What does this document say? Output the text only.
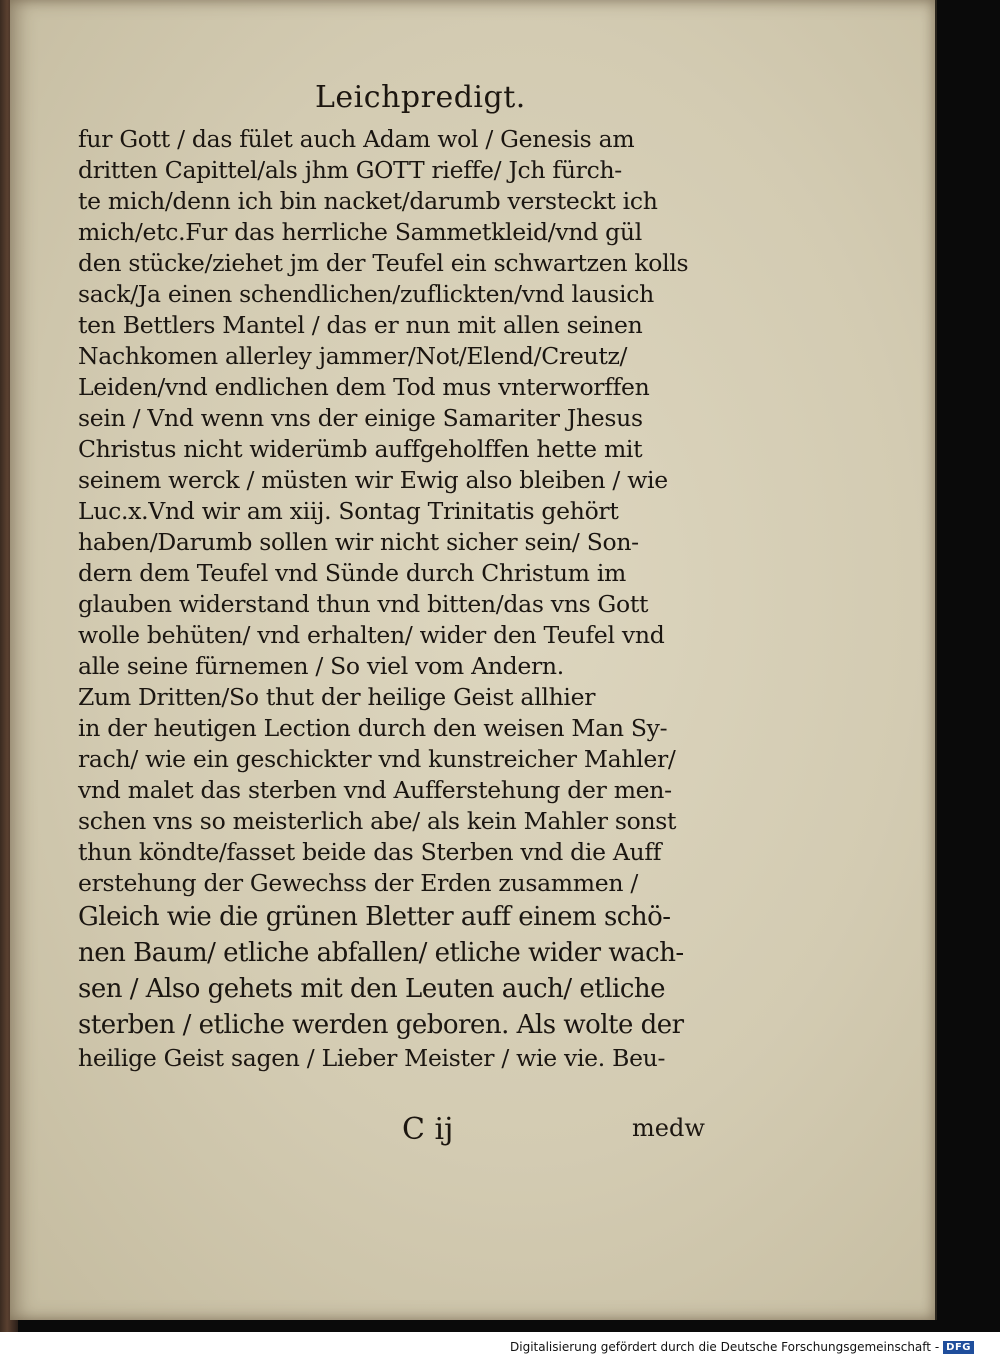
Leichpredigt.
fur Gott / das fület auch Adam wol / Genesis am
dritten Capittel/als jhm GOTT rieffe/ Jch fürch-
te mich/denn ich bin nacket/darumb versteckt ich
mich/etc.Fur das herrliche Sammetkleid/vnd gül
den stücke/ziehet jm der Teufel ein schwartzen kolls
sack/Ja einen schendlichen/zuflickten/vnd lausich
ten Bettlers Mantel / das er nun mit allen seinen
Nachkomen allerley jammer/Not/Elend/Creutz/
Leiden/vnd endlichen dem Tod mus vnterworffen
sein / Vnd wenn vns der einige Samariter Jhesus
Christus nicht widerümb auffgeholffen hette mit
seinem werck / müsten wir Ewig also bleiben / wie
Luc.x.Vnd wir am xiij. Sontag Trinitatis gehört
haben/Darumb sollen wir nicht sicher sein/ Son-
dern dem Teufel vnd Sünde durch Christum im
glauben widerstand thun vnd bitten/das vns Gott
wolle behüten/ vnd erhalten/ wider den Teufel vnd
alle seine fürnemen / So viel vom Andern.
Zum Dritten/So thut der heilige Geist allhier
in der heutigen Lection durch den weisen Man Sy-
rach/ wie ein geschickter vnd kunstreicher Mahler/
vnd malet das sterben vnd Aufferstehung der men-
schen vns so meisterlich abe/ als kein Mahler sonst
thun köndte/fasset beide das Sterben vnd die Auff
erstehung der Gewechss der Erden zusammen /
Gleich wie die grünen Bletter auff einem schö-
nen Baum/ etliche abfallen/ etliche wider wach-
sen / Also gehets mit den Leuten auch/ etliche
sterben / etliche werden geboren. Als wolte der
heilige Geist sagen / Lieber Meister / wie vie. Beu-
C ij	medw
Digitalisierung gefördert durch die Deutsche Forschungsgemeinschaft - DFG
